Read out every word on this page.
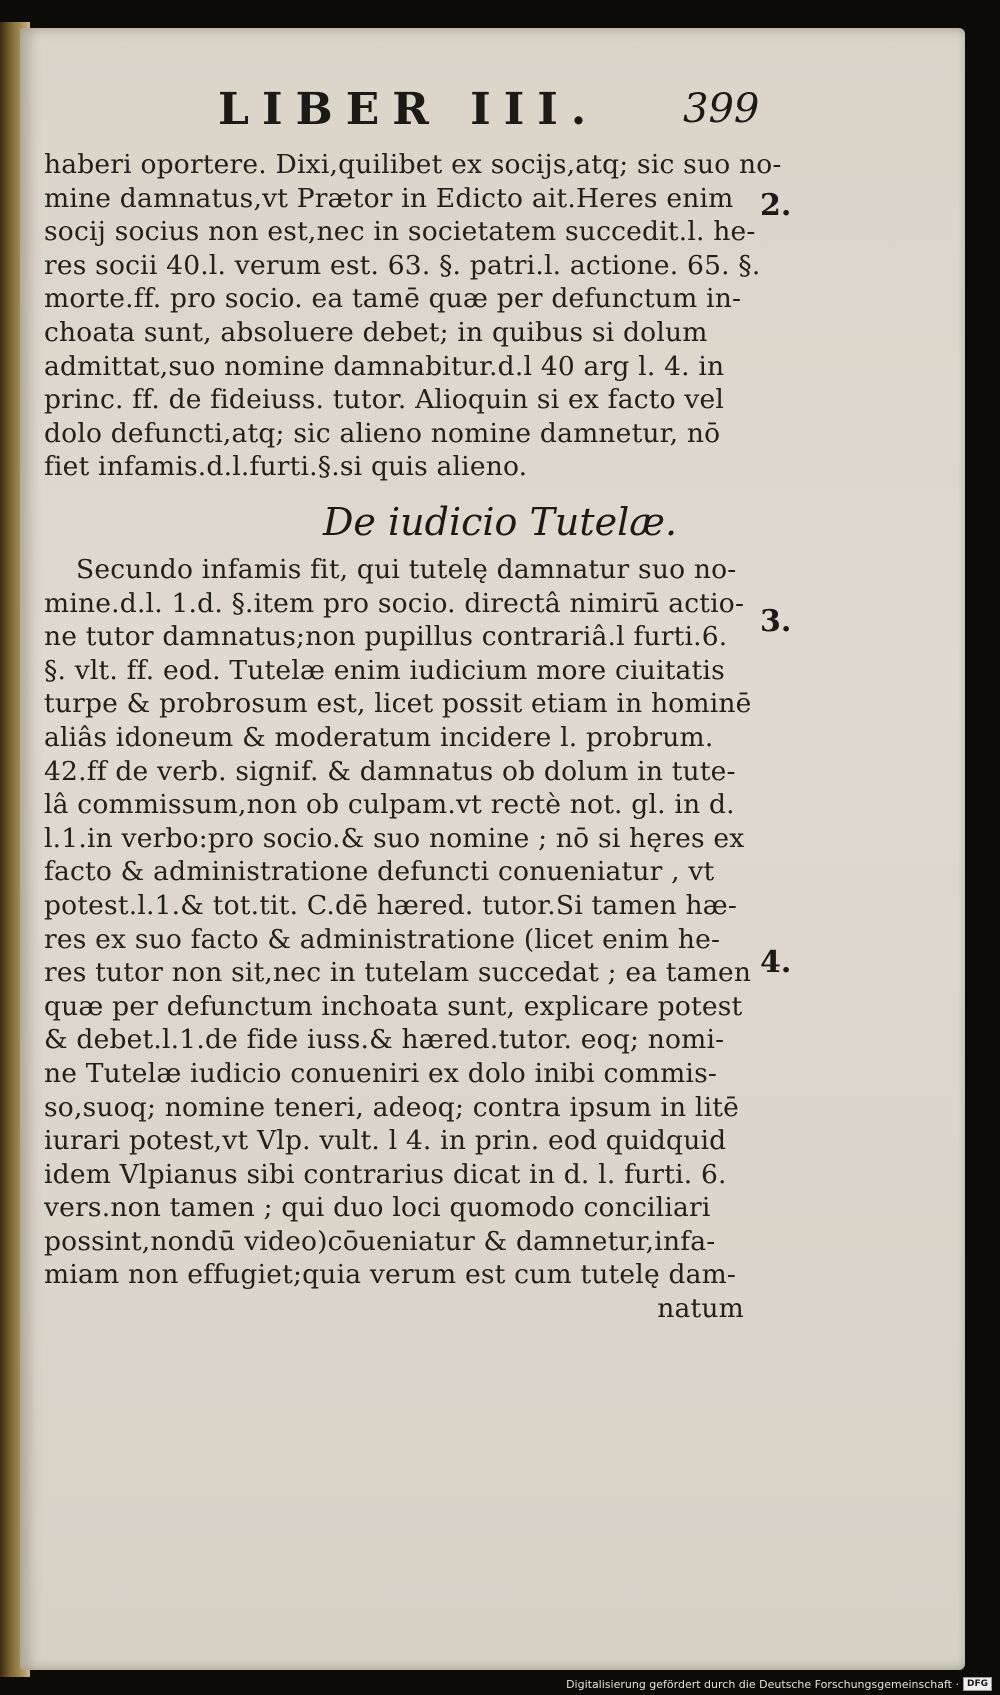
LIBER III. 399
haberi oportere. Dixi,quilibet ex socijs,atq; sic suo no-
mine damnatus,vt Prætor in Edicto ait.Heres enim
socij socius non est,nec in societatem succedit.l. he-
res socii 40.l. verum est. 63. §. patri.l. actione. 65. §.
morte.ff. pro socio. ea tamē quæ per defunctum in-
choata sunt, absoluere debet; in quibus si dolum
admittat,suo nomine damnabitur.d.l 40 arg l. 4. in
princ. ff. de fideiuss. tutor. Alioquin si ex facto vel
dolo defuncti,atq; sic alieno nomine damnetur, nō
fiet infamis.d.l.furti.§.si quis alieno.
De iudicio Tutelæ.
Secundo infamis fit, qui tutelę damnatur suo no-
mine.d.l. 1.d. §.item pro socio. directâ nimirū actio-
ne tutor damnatus;non pupillus contrariâ.l furti.6.
§. vlt. ff. eod. Tutelæ enim iudicium more ciuitatis
turpe & probrosum est, licet possit etiam in hominē
aliâs idoneum & moderatum incidere l. probrum.
42.ff de verb. signif. & damnatus ob dolum in tute-
lâ commissum,non ob culpam.vt rectè not. gl. in d.
l.1.in verbo:pro socio.& suo nomine ; nō si hęres ex
facto & administratione defuncti conueniatur , vt
potest.l.1.& tot.tit. C.dē hæred. tutor.Si tamen hæ-
res ex suo facto & administratione (licet enim he-
res tutor non sit,nec in tutelam succedat ; ea tamen
quæ per defunctum inchoata sunt, explicare potest
& debet.l.1.de fide iuss.& hæred.tutor. eoq; nomi-
ne Tutelæ iudicio conueniri ex dolo inibi commis-
so,suoq; nomine teneri, adeoq; contra ipsum in litē
iurari potest,vt Vlp. vult. l 4. in prin. eod quidquid
idem Vlpianus sibi contrarius dicat in d. l. furti. 6.
vers.non tamen ; qui duo loci quomodo conciliari
possint,nondū video)cōueniatur & damnetur,infa-
miam non effugiet;quia verum est cum tutelę dam-
natum
2.
3.
4.
Digitalisierung gefördert durch die Deutsche Forschungsgemeinschaft · DFG
